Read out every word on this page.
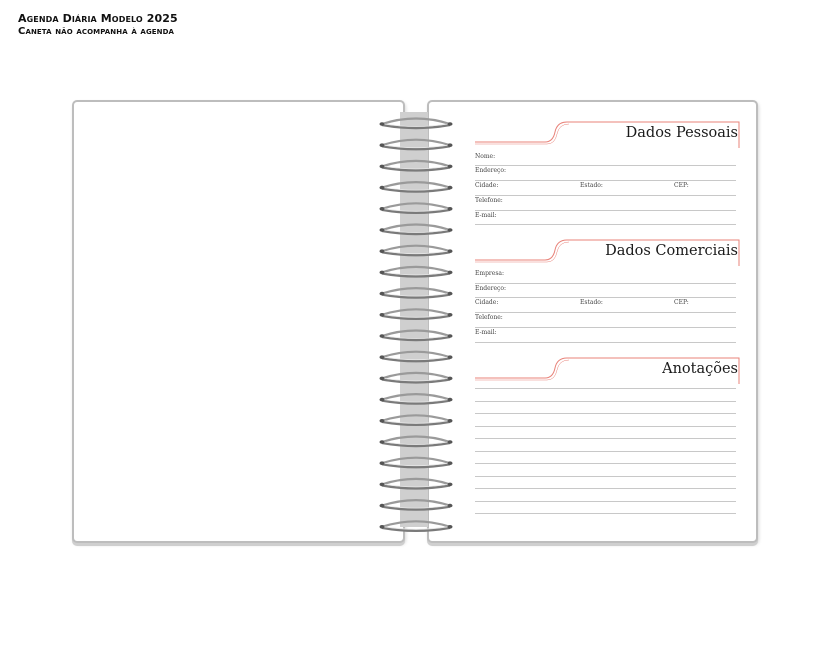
Agenda Diária Modelo 2025
Caneta não acompanha à agenda
Dados Pessoais
Nome:
Endereço:
Cidade:	Estado:	CEP:
Telefone:
E-mail:
Dados Comerciais
Empresa:
Endereço:
Cidade:	Estado:	CEP:
Telefone:
E-mail:
Anotações
